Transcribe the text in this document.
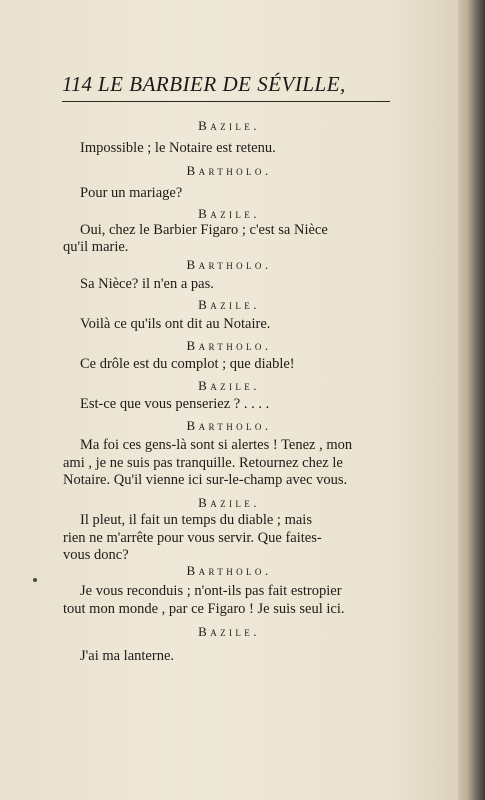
114 LE BARBIER DE SÉVILLE,
Bazile.
Impossible ; le Notaire est retenu.
Bartholo.
Pour un mariage?
Bazile.
Oui, chez le Barbier Figaro ; c'est sa Nièce
qu'il marie.
Bartholo.
Sa Nièce? il n'en a pas.
Bazile.
Voilà ce qu'ils ont dit au Notaire.
Bartholo.
Ce drôle est du complot ; que diable!
Bazile.
Est-ce que vous penseriez ? . . . .
Bartholo.
Ma foi ces gens-là sont si alertes ! Tenez , mon
ami , je ne suis pas tranquille. Retournez chez le
Notaire. Qu'il vienne ici sur-le-champ avec vous.
Bazile.
Il pleut, il fait un temps du diable ; mais
rien ne m'arrête pour vous servir. Que faites-
vous donc?
Bartholo.
Je vous reconduis ; n'ont-ils pas fait estropier
tout mon monde , par ce Figaro ! Je suis seul ici.
Bazile.
J'ai ma lanterne.
